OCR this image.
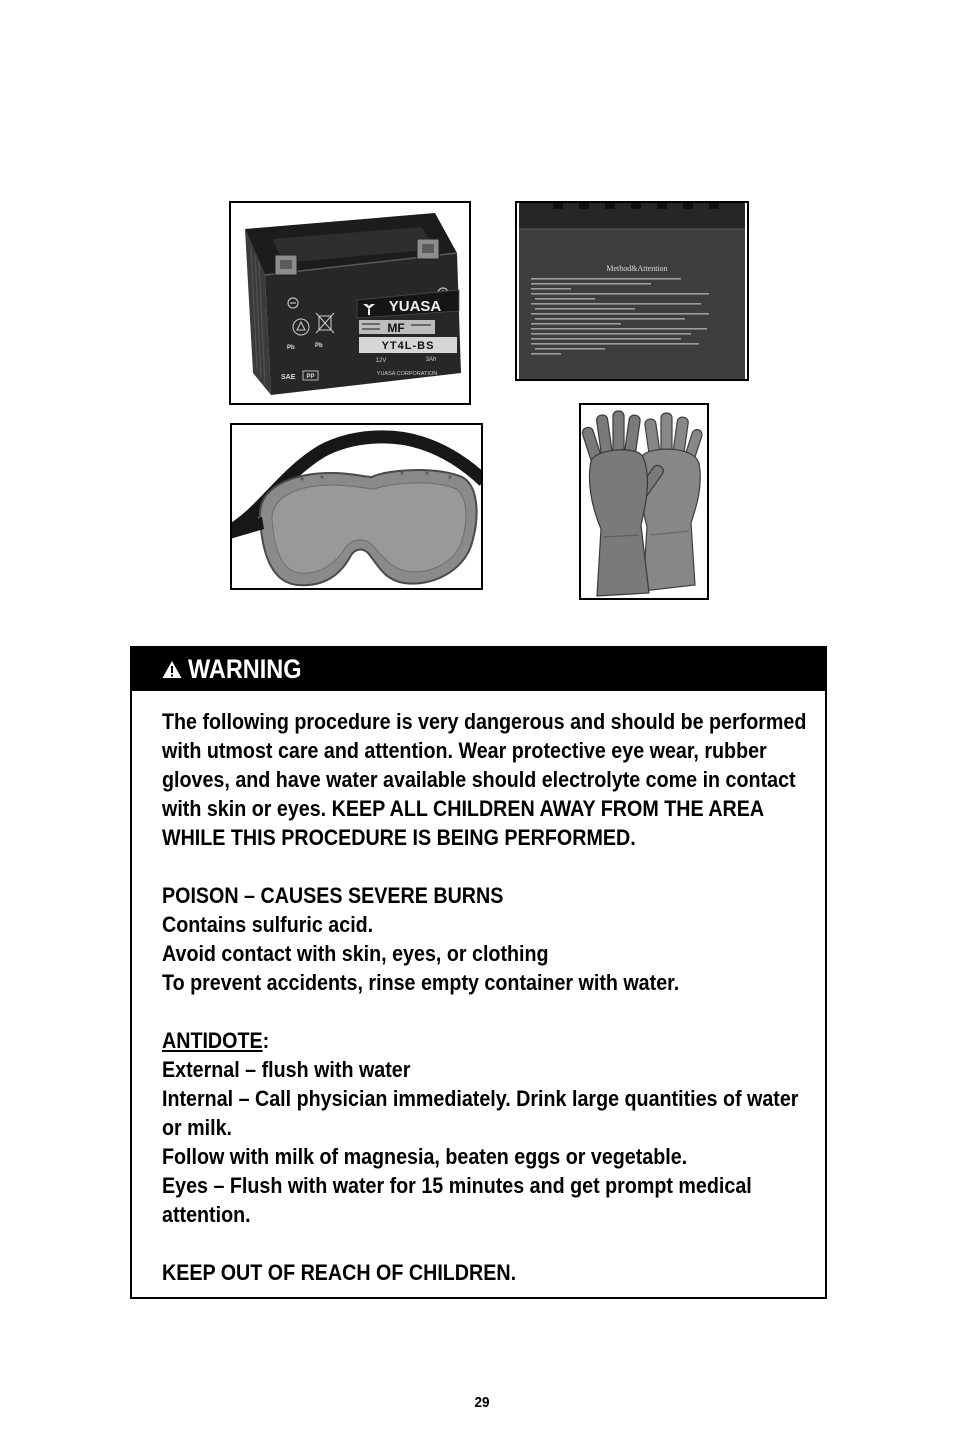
Pb	Pb
SAE PP
YUASA
MF
YT4L-BS
12V	3Ah
YUASA CORPORATION
Method&Attention
WARNING
The following procedure is very dangerous and should be performed
with utmost care and attention. Wear protective eye wear, rubber
gloves, and have water available should electrolyte come in contact
with skin or eyes. KEEP ALL CHILDREN AWAY FROM THE AREA
WHILE THIS PROCEDURE IS BEING PERFORMED.
POISON – CAUSES SEVERE BURNS
Contains sulfuric acid.
Avoid contact with skin, eyes, or clothing
To prevent accidents, rinse empty container with water.
ANTIDOTE:
External – flush with water
Internal – Call physician immediately. Drink large quantities of water
or milk.
Follow with milk of magnesia, beaten eggs or vegetable.
Eyes – Flush with water for 15 minutes and get prompt medical
attention.
KEEP OUT OF REACH OF CHILDREN.
29
